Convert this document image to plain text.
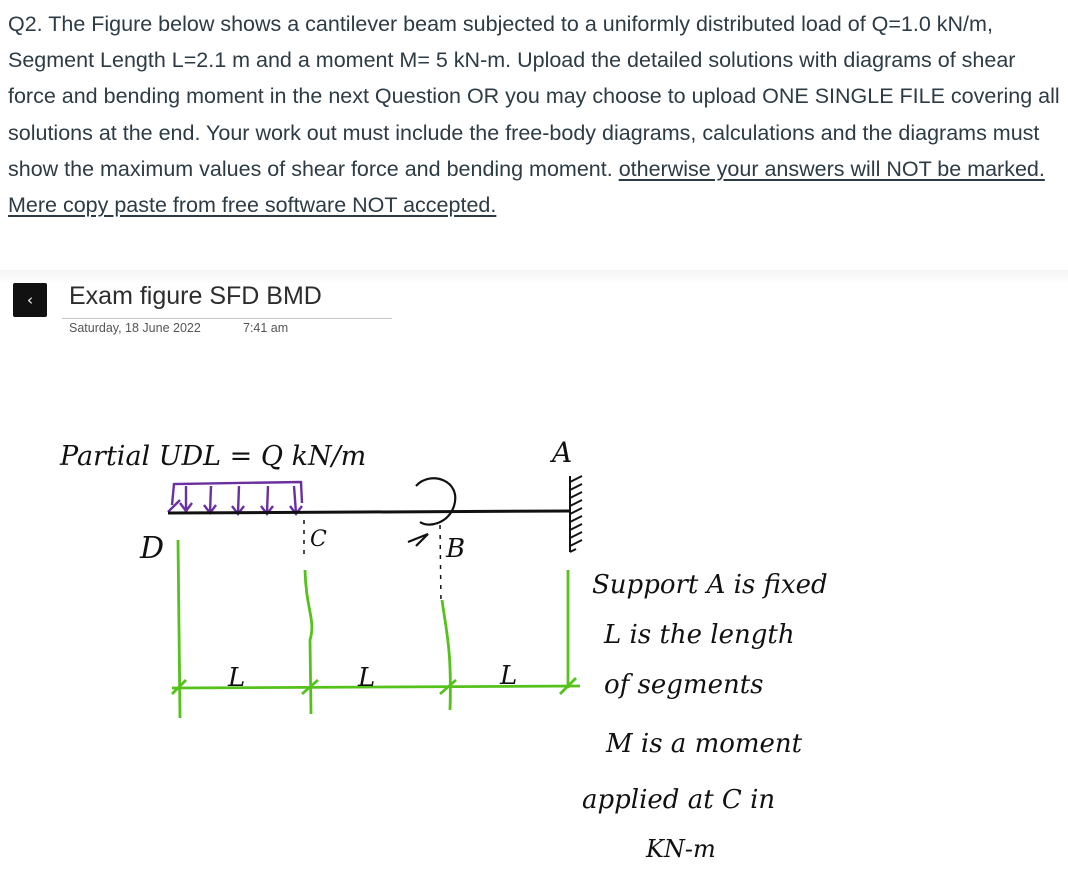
Q2. The Figure below shows a cantilever beam subjected to a uniformly distributed load of Q=1.0 kN/m, Segment Length L=2.1 m and a moment M= 5 kN-m. Upload the detailed solutions with diagrams of shear force and bending moment in the next Question OR you may choose to upload ONE SINGLE FILE covering all solutions at the end. Your work out must include the free-body diagrams, calculations and the diagrams must show the maximum values of shear force and bending moment. otherwise your answers will NOT be marked. Mere copy paste from free software NOT accepted.

‹ Exam figure SFD BMD
Saturday, 18 June 2022	7:41 am
Partial UDL = Q kN/m
D	C	B
A
L	L	L
Support A is fixed
L is the length
of segments
M is a moment
applied at C in
KN-m
